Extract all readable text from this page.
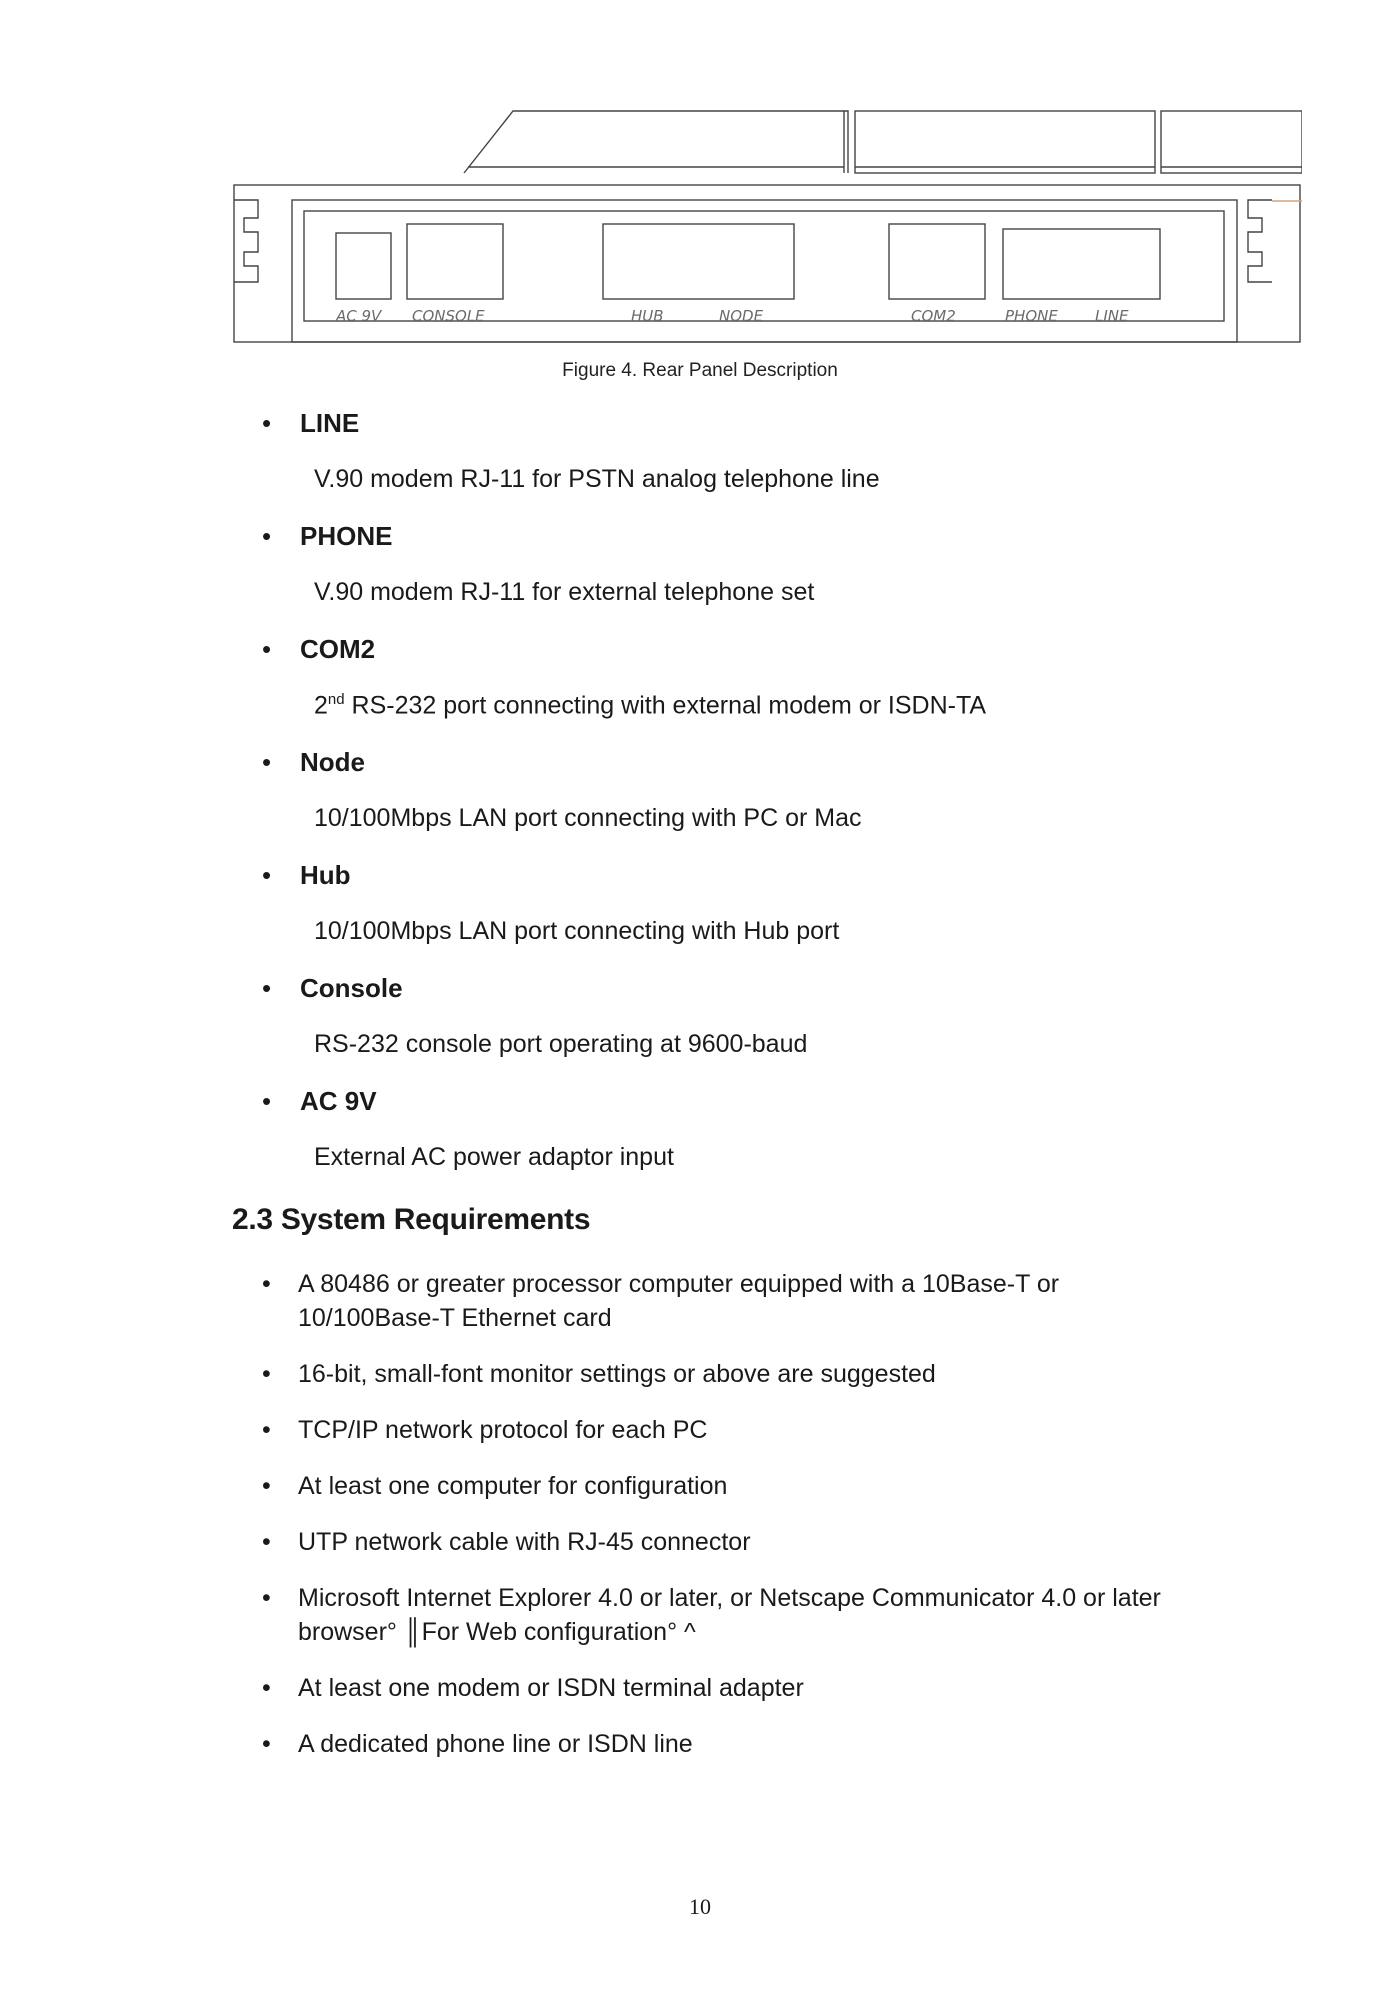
AC 9V CONSOLE	HUB	NODE	COM2	PHONE LINE
Figure 4. Rear Panel Description
• LINE
V.90 modem RJ-11 for PSTN analog telephone line
• PHONE
V.90 modem RJ-11 for external telephone set
• COM2
2nd RS-232 port connecting with external modem or ISDN-TA
• Node
10/100Mbps LAN port connecting with PC or Mac
• Hub
10/100Mbps LAN port connecting with Hub port
• Console
RS-232 console port operating at 9600-baud
• AC 9V
External AC power adaptor input
2.3 System Requirements
• A 80486 or greater processor computer equipped with a 10Base-T or 10/100Base-T Ethernet card
• 16-bit, small-font monitor settings or above are suggested
• TCP/IP network protocol for each PC
• At least one computer for configuration
• UTP network cable with RJ-45 connector
• Microsoft Internet Explorer 4.0 or later, or Netscape Communicator 4.0 or later browser° ║For Web configuration° ^
• At least one modem or ISDN terminal adapter
• A dedicated phone line or ISDN line
10
